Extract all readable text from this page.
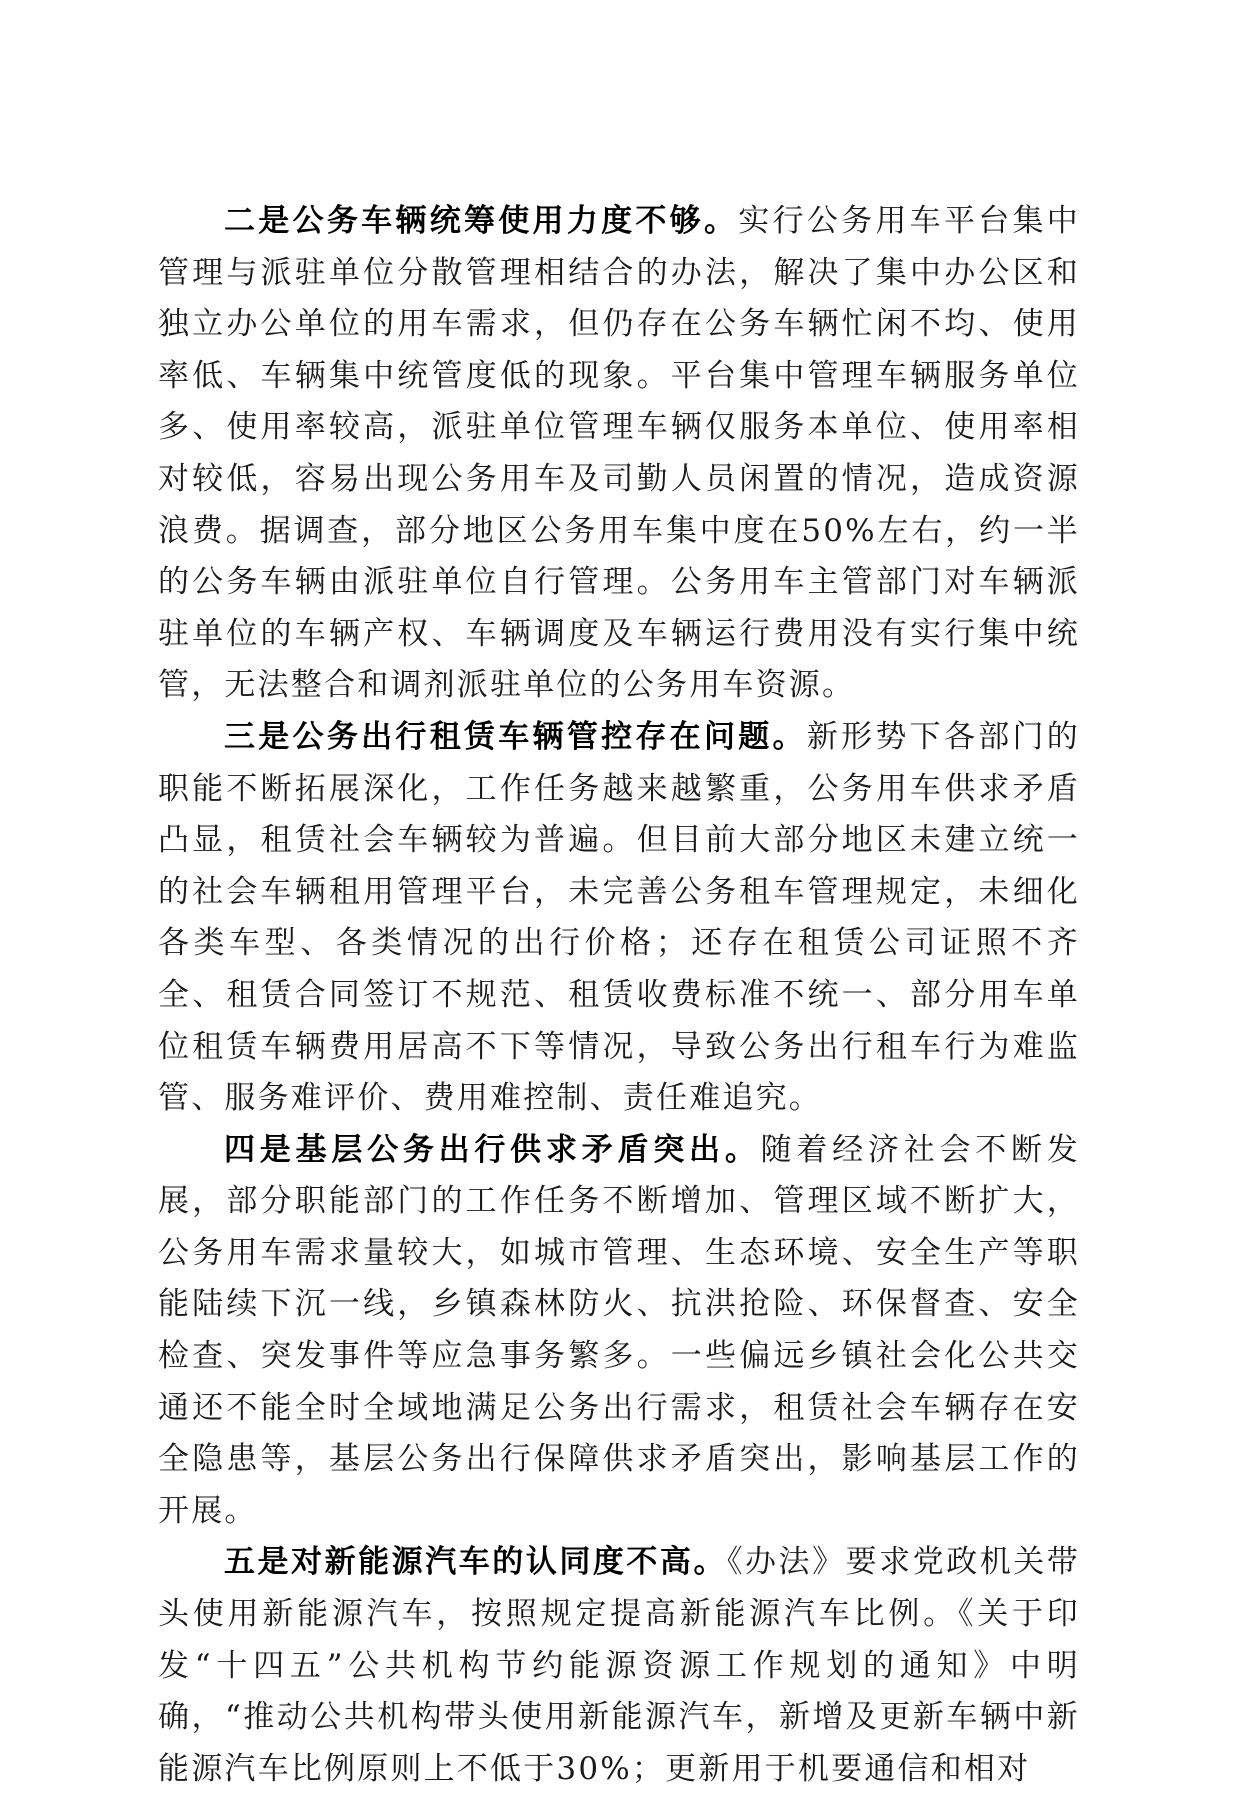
二是公务车辆统筹使用力度不够。实行公务用车平台集中管理与派驻单位分散管理相结合的办法，解决了集中办公区和独立办公单位的用车需求，但仍存在公务车辆忙闲不均、使用率低、车辆集中统管度低的现象。平台集中管理车辆服务单位多、使用率较高，派驻单位管理车辆仅服务本单位、使用率相对较低，容易出现公务用车及司勤人员闲置的情况，造成资源浪费。据调查，部分地区公务用车集中度在50%左右，约一半的公务车辆由派驻单位自行管理。公务用车主管部门对车辆派驻单位的车辆产权、车辆调度及车辆运行费用没有实行集中统管，无法整合和调剂派驻单位的公务用车资源。

三是公务出行租赁车辆管控存在问题。新形势下各部门的职能不断拓展深化，工作任务越来越繁重，公务用车供求矛盾凸显，租赁社会车辆较为普遍。但目前大部分地区未建立统一的社会车辆租用管理平台，未完善公务租车管理规定，未细化各类车型、各类情况的出行价格；还存在租赁公司证照不齐全、租赁合同签订不规范、租赁收费标准不统一、部分用车单位租赁车辆费用居高不下等情况，导致公务出行租车行为难监管、服务难评价、费用难控制、责任难追究。

四是基层公务出行供求矛盾突出。随着经济社会不断发展，部分职能部门的工作任务不断增加、管理区域不断扩大，公务用车需求量较大，如城市管理、生态环境、安全生产等职能陆续下沉一线，乡镇森林防火、抗洪抢险、环保督查、安全检查、突发事件等应急事务繁多。一些偏远乡镇社会化公共交通还不能全时全域地满足公务出行需求，租赁社会车辆存在安全隐患等，基层公务出行保障供求矛盾突出，影响基层工作的开展。

五是对新能源汽车的认同度不高。《办法》要求党政机关带头使用新能源汽车，按照规定提高新能源汽车比例。《关于印发“十四五”公共机构节约能源资源工作规划的通知》中明确，“推动公共机构带头使用新能源汽车，新增及更新车辆中新能源汽车比例原则上不低于30%；更新用于机要通信和相对
